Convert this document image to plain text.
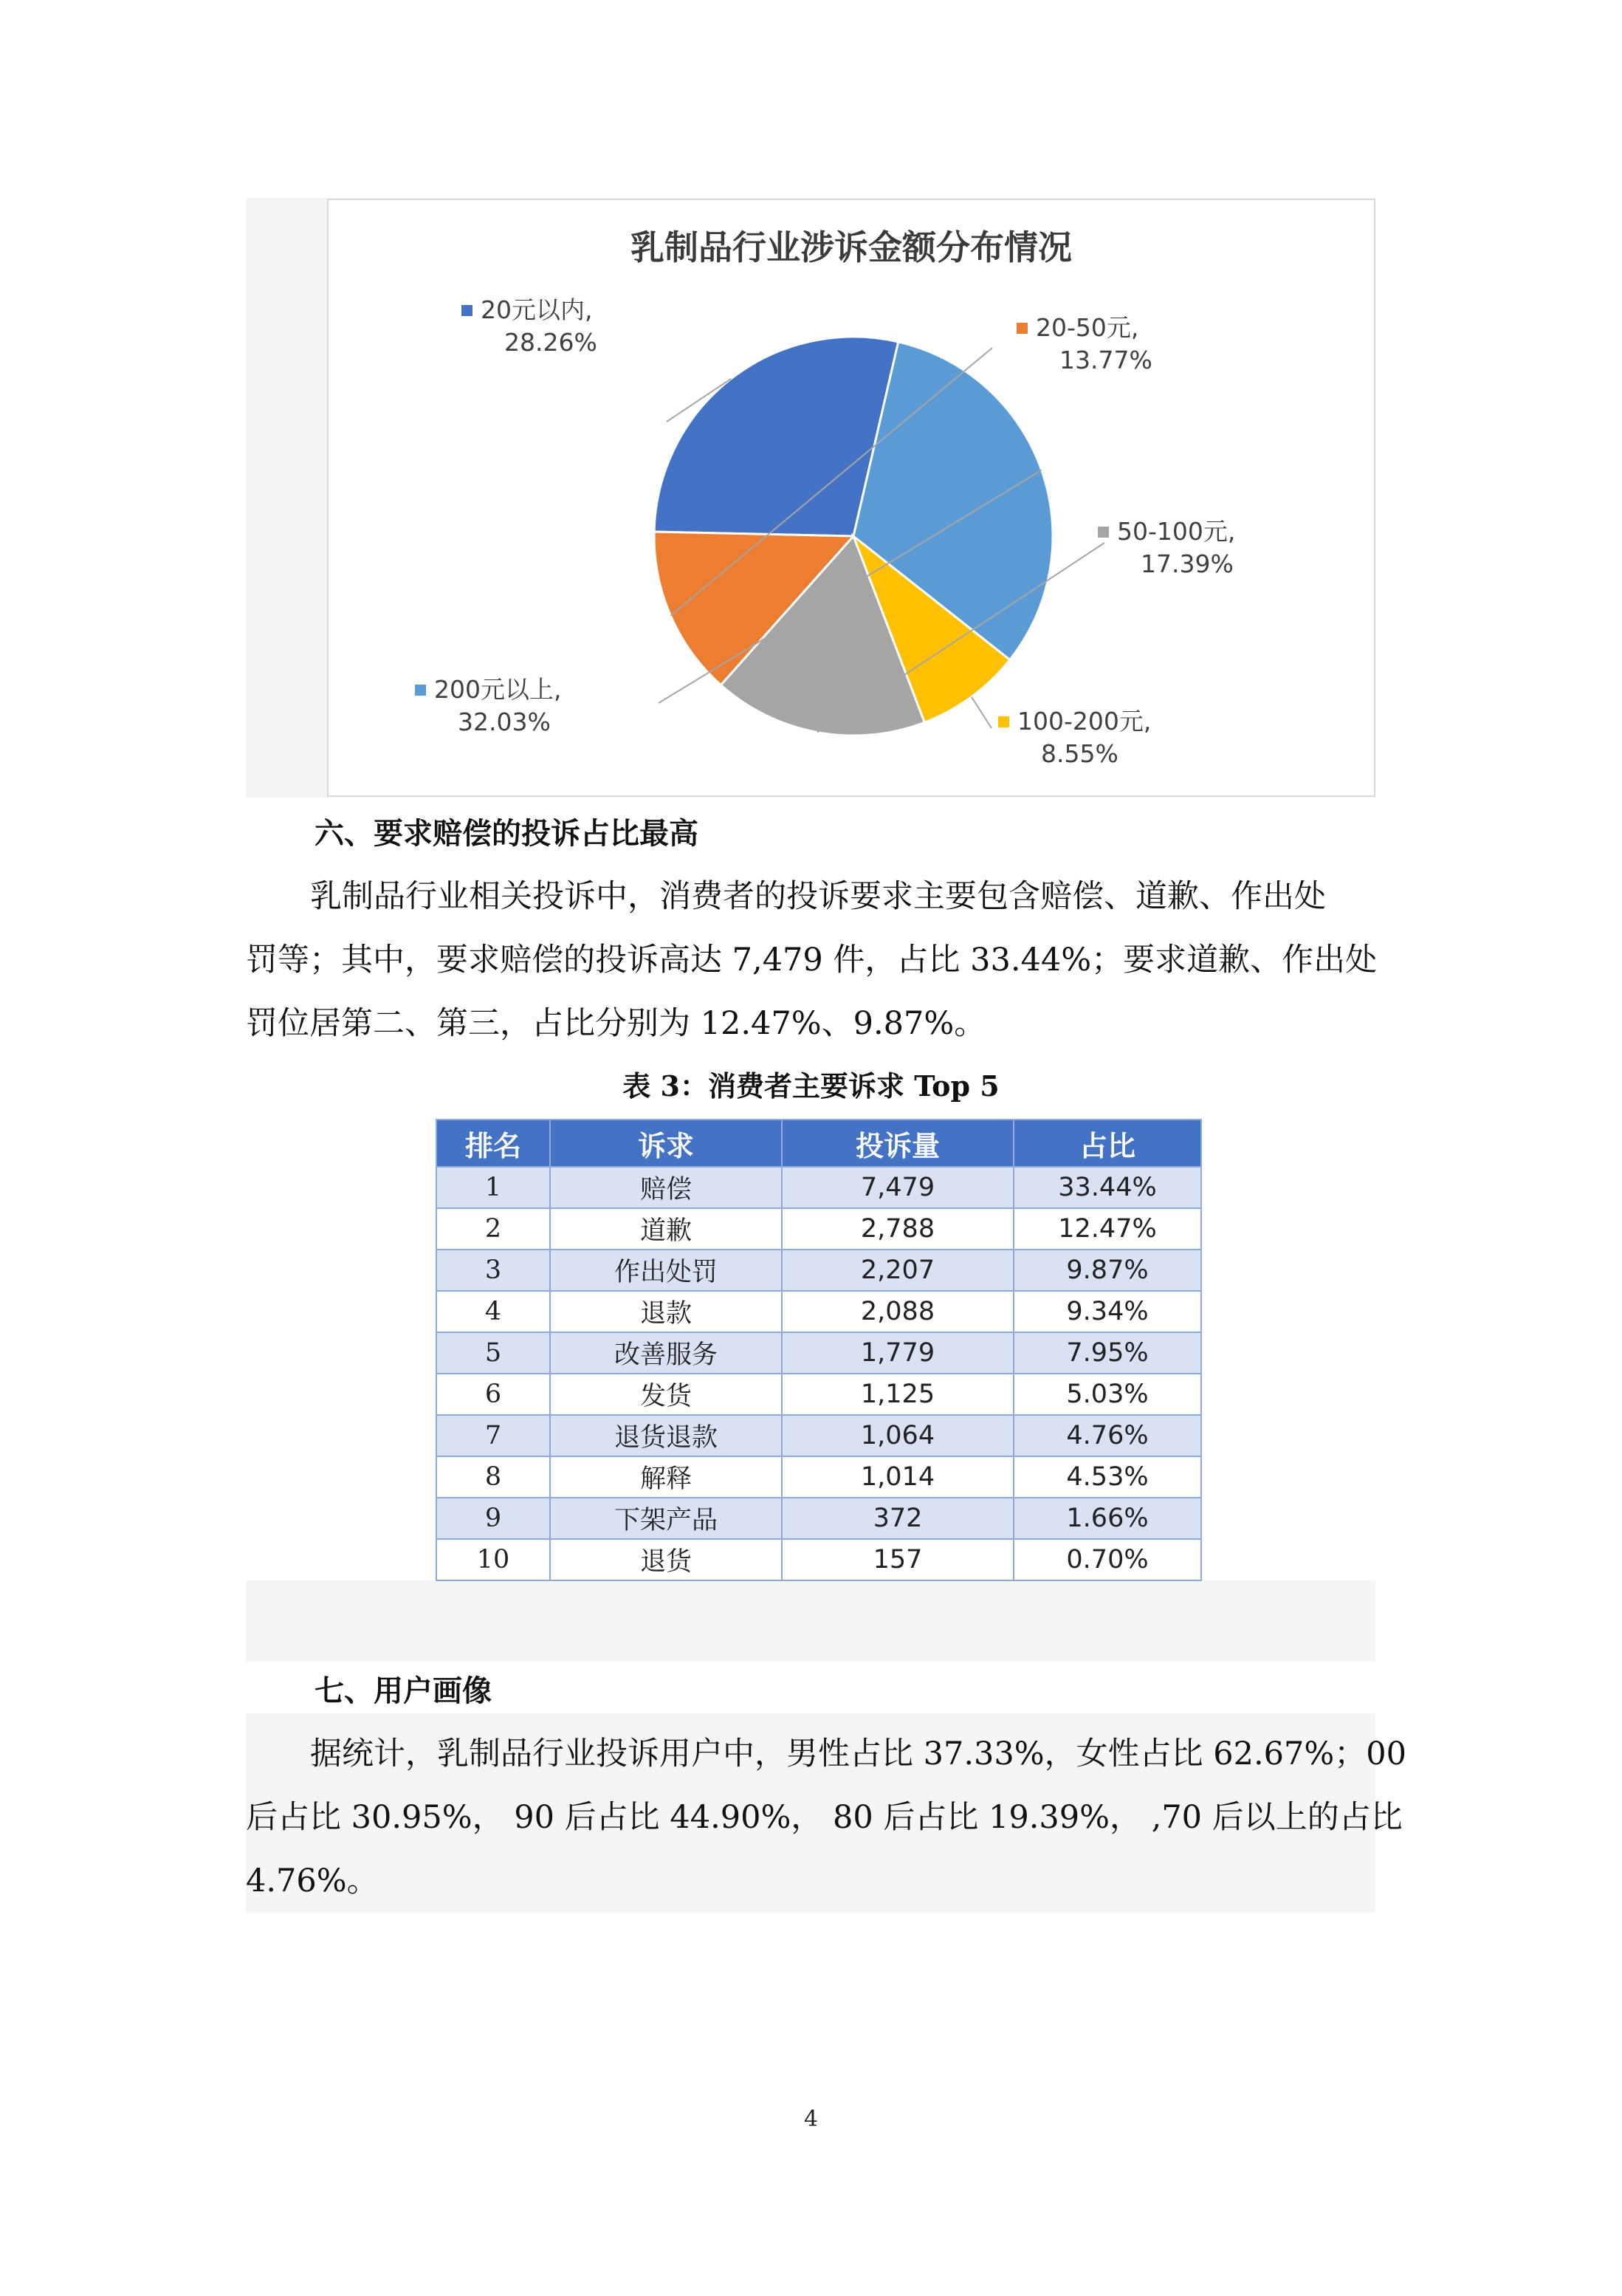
乳制品行业涉诉金额分布情况
20元以内,
28.26%
20-50元,
13.77%
50-100元,
17.39%
100-200元,
8.55%
200元以上,
32.03%
六、要求赔偿的投诉占比最高
乳制品行业相关投诉中，消费者的投诉要求主要包含赔偿、道歉、作出处
罚等；其中，要求赔偿的投诉高达 7,479 件，占比 33.44%；要求道歉、作出处
罚位居第二、第三，占比分别为 12.47%、9.87%。
表 3：消费者主要诉求 Top 5
排名	诉求	投诉量	占比
1	赔偿	7,479	33.44%
2	道歉	2,788	12.47%
3	作出处罚	2,207	9.87%
4	退款	2,088	9.34%
5	改善服务	1,779	7.95%
6	发货	1,125	5.03%
7	退货退款	1,064	4.76%
8	解释	1,014	4.53%
9	下架产品	372	1.66%
10	退货	157	0.70%
七、用户画像
据统计，乳制品行业投诉用户中，男性占比 37.33%，女性占比 62.67%；00
后占比 30.95%， 90 后占比 44.90%， 80 后占比 19.39%， ,70 后以上的占比
4.76%。
4
